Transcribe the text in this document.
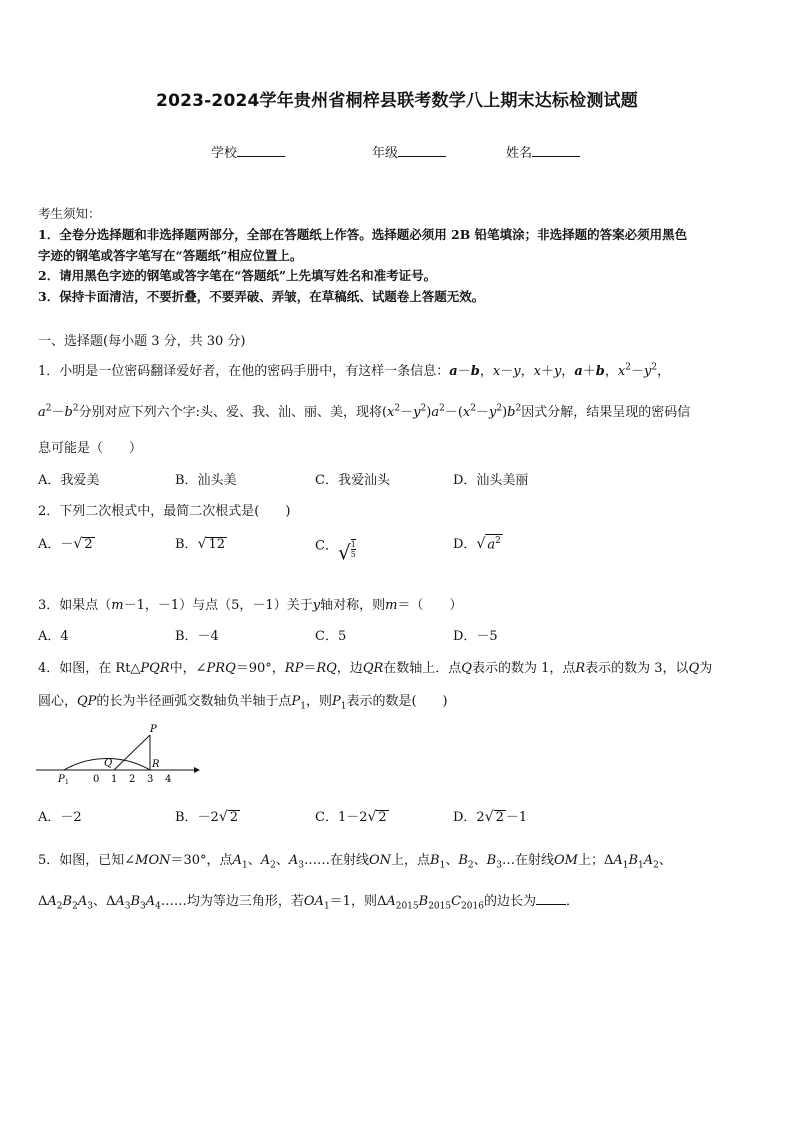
2023-2024学年贵州省桐梓县联考数学八上期末达标检测试题
学校	年级	姓名
考生须知：
1．全卷分选择题和非选择题两部分，全部在答题纸上作答。选择题必须用 2B 铅笔填涂；非选择题的答案必须用黑色
字迹的钢笔或答字笔写在“答题纸”相应位置上。
2．请用黑色字迹的钢笔或答字笔在“答题纸”上先填写姓名和准考证号。
3．保持卡面清洁，不要折叠，不要弄破、弄皱，在草稿纸、试题卷上答题无效。
一、选择题(每小题 3 分，共 30 分)
1．小明是一位密码翻译爱好者，在他的密码手册中，有这样一条信息：a－b，x－y，x＋y，a＋b，$x^2-y^2$，
$a^2-b^2$分别对应下列六个字:头、爱、我、汕、丽、美，现将$(x^2-y^2)a^2-(x^2-y^2)b^2$因式分解，结果呈现的密码信
息可能是（　　）
A．我爱美	B．汕头美	C．我爱汕头	D．汕头美丽
2．下列二次根式中，最简二次根式是(　　)
A．－√ 2	B．√ 12	C．√ $\frac{1}{5}$	D．√ $a^2$
3．如果点（m－1，－1）与点（5，－1）关于y轴对称，则m＝（　　）
A．4	B．－4	C．5	D．－5
4．如图，在 Rt△PQR中，∠PRQ＝90°，RP＝RQ，边QR在数轴上．点Q表示的数为 1，点R表示的数为 3，以Q为
圆心，QP的长为半径画弧交数轴负半轴于点$P_1$，则$P_1$表示的数是(　　)
P
Q	R
P 1 0 1 2 3 4
A．－2	B．－2√ 2	C．1－2√ 2	D．2√ 2 －1
5．如图，已知∠MON＝30°，点$A_1$、$A_2$、$A_3\dots\dots$在射线ON上，点$B_1$、$B_2$、$B_3\dots$在射线OM上；$\Delta A_1B_1A_2$、
$\Delta A_2B_2A_3$、$\Delta A_3B_3A_4\dots\dots$均为等边三角形，若$OA_1=1$，则$\Delta A_{2015}B_{2015}C_{2016}$的边长为 ．
